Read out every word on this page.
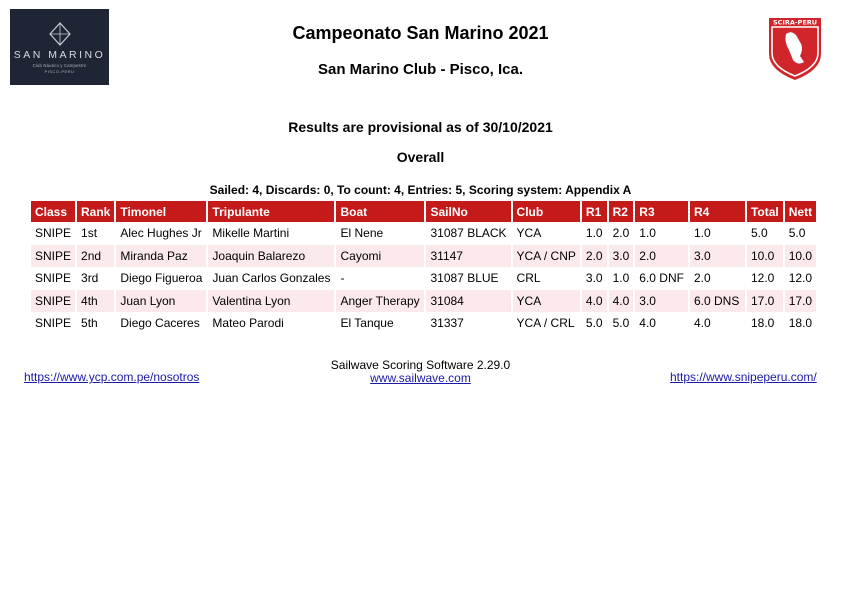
SAN MARINO
Club Náutico y Campestre
PISCO-PERU
SCIRA-PERU
Campeonato San Marino 2021
San Marino Club - Pisco, Ica.
Results are provisional as of 30/10/2021
Overall
Sailed: 4, Discards: 0, To count: 4, Entries: 5, Scoring system: Appendix A
Class	Rank	Timonel	Tripulante	Boat	SailNo	Club	R1	R2	R3	R4	Total	Nett
SNIPE	1st	Alec Hughes Jr	Mikelle Martini	El Nene	31087 BLACK	YCA	1.0	2.0	1.0	1.0	5.0	5.0
SNIPE	2nd	Miranda Paz	Joaquin Balarezo	Cayomi	31147	YCA / CNP	2.0	3.0	2.0	3.0	10.0	10.0
SNIPE	3rd	Diego Figueroa	Juan Carlos Gonzales	-	31087 BLUE	CRL	3.0	1.0	6.0 DNF	2.0	12.0	12.0
SNIPE	4th	Juan Lyon	Valentina Lyon	Anger Therapy	31084	YCA	4.0	4.0	3.0	6.0 DNS	17.0	17.0
SNIPE	5th	Diego Caceres	Mateo Parodi	El Tanque	31337	YCA / CRL	5.0	5.0	4.0	4.0	18.0	18.0
Sailwave Scoring Software 2.29.0
www.sailwave.com
https://www.ycp.com.pe/nosotros	https://www.snipeperu.com/
